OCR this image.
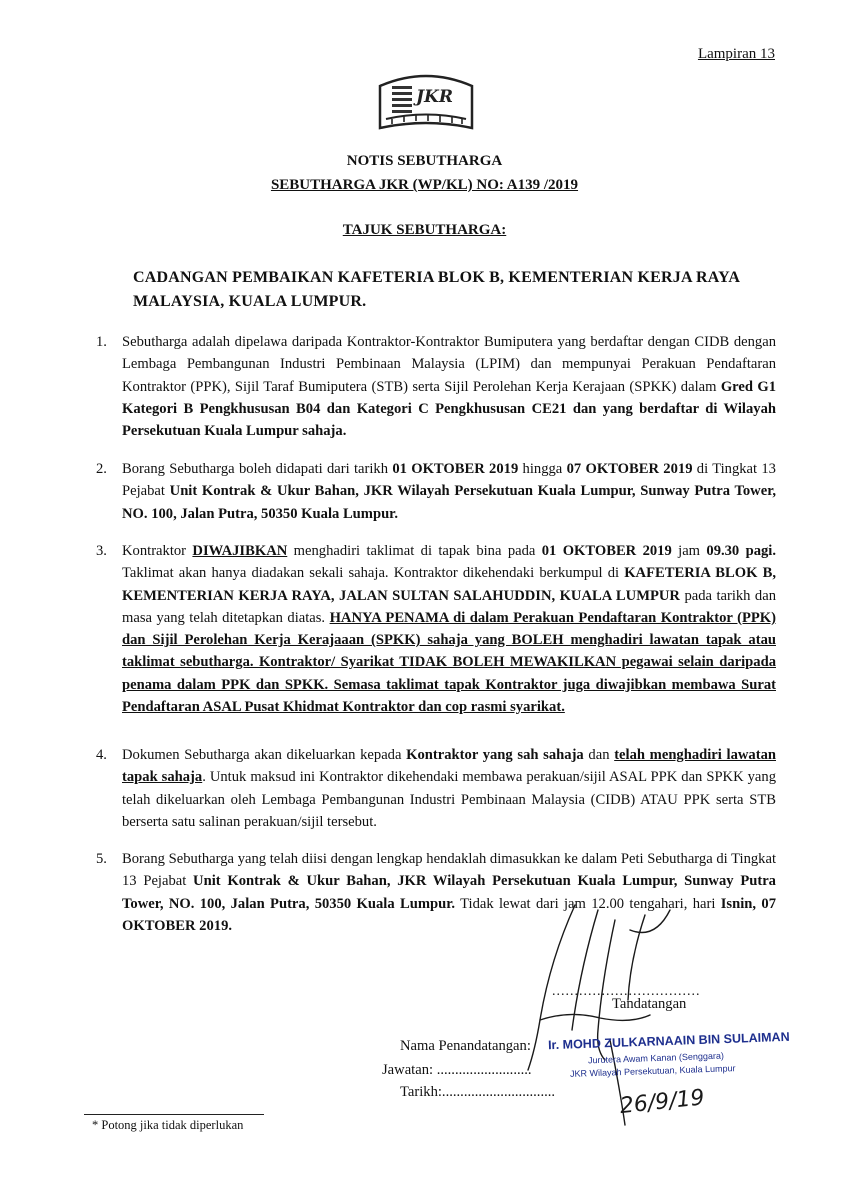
Lampiran 13
JKR
NOTIS SEBUTHARGA
SEBUTHARGA JKR (WP/KL) NO: A139 /2019
TAJUK SEBUTHARGA:
CADANGAN PEMBAIKAN KAFETERIA BLOK B, KEMENTERIAN KERJA RAYA
MALAYSIA, KUALA LUMPUR.
1.	Sebutharga adalah dipelawa daripada Kontraktor-Kontraktor Bumiputera yang berdaftar dengan CIDB dengan Lembaga Pembangunan Industri Pembinaan Malaysia (LPIM) dan mempunyai Perakuan Pendaftaran Kontraktor (PPK), Sijil Taraf Bumiputera (STB) serta Sijil Perolehan Kerja Kerajaan (SPKK) dalam Gred G1 Kategori B Pengkhususan B04 dan Kategori C Pengkhususan CE21 dan yang berdaftar di Wilayah Persekutuan Kuala Lumpur sahaja.
2.	Borang Sebutharga boleh didapati dari tarikh 01 OKTOBER 2019 hingga 07 OKTOBER 2019 di Tingkat 13 Pejabat Unit Kontrak & Ukur Bahan, JKR Wilayah Persekutuan Kuala Lumpur, Sunway Putra Tower, NO. 100, Jalan Putra, 50350 Kuala Lumpur.
3.	Kontraktor DIWAJIBKAN menghadiri taklimat di tapak bina pada 01 OKTOBER 2019 jam 09.30 pagi. Taklimat akan hanya diadakan sekali sahaja. Kontraktor dikehendaki berkumpul di KAFETERIA BLOK B, KEMENTERIAN KERJA RAYA, JALAN SULTAN SALAHUDDIN, KUALA LUMPUR pada tarikh dan masa yang telah ditetapkan diatas. HANYA PENAMA di dalam Perakuan Pendaftaran Kontraktor (PPK) dan Sijil Perolehan Kerja Kerajaaan (SPKK) sahaja yang BOLEH menghadiri lawatan tapak atau taklimat sebutharga. Kontraktor/ Syarikat TIDAK BOLEH MEWAKILKAN pegawai selain daripada penama dalam PPK dan SPKK. Semasa taklimat tapak Kontraktor juga diwajibkan membawa Surat Pendaftaran ASAL Pusat Khidmat Kontraktor dan cop rasmi syarikat.
4.	Dokumen Sebutharga akan dikeluarkan kepada Kontraktor yang sah sahaja dan telah menghadiri lawatan tapak sahaja. Untuk maksud ini Kontraktor dikehendaki membawa perakuan/sijil ASAL PPK dan SPKK yang telah dikeluarkan oleh Lembaga Pembangunan Industri Pembinaan Malaysia (CIDB) ATAU PPK serta STB berserta satu salinan perakuan/sijil tersebut.
5.	Borang Sebutharga yang telah diisi dengan lengkap hendaklah dimasukkan ke dalam Peti Sebutharga di Tingkat 13 Pejabat Unit Kontrak & Ukur Bahan, JKR Wilayah Persekutuan Kuala Lumpur, Sunway Putra Tower, NO. 100, Jalan Putra, 50350 Kuala Lumpur. Tidak lewat dari jam 12.00 tengahari, hari Isnin, 07 OKTOBER 2019.
26/9/19
.................................
Tandatangan
Nama Penandatangan:
Jawatan: ..........................
Tarikh:...............................
Ir. MOHD ZULKARNAAIN BIN SULAIMAN
Jurutera Awam Kanan (Senggara)
JKR Wilayah Persekutuan, Kuala Lumpur
* Potong jika tidak diperlukan
